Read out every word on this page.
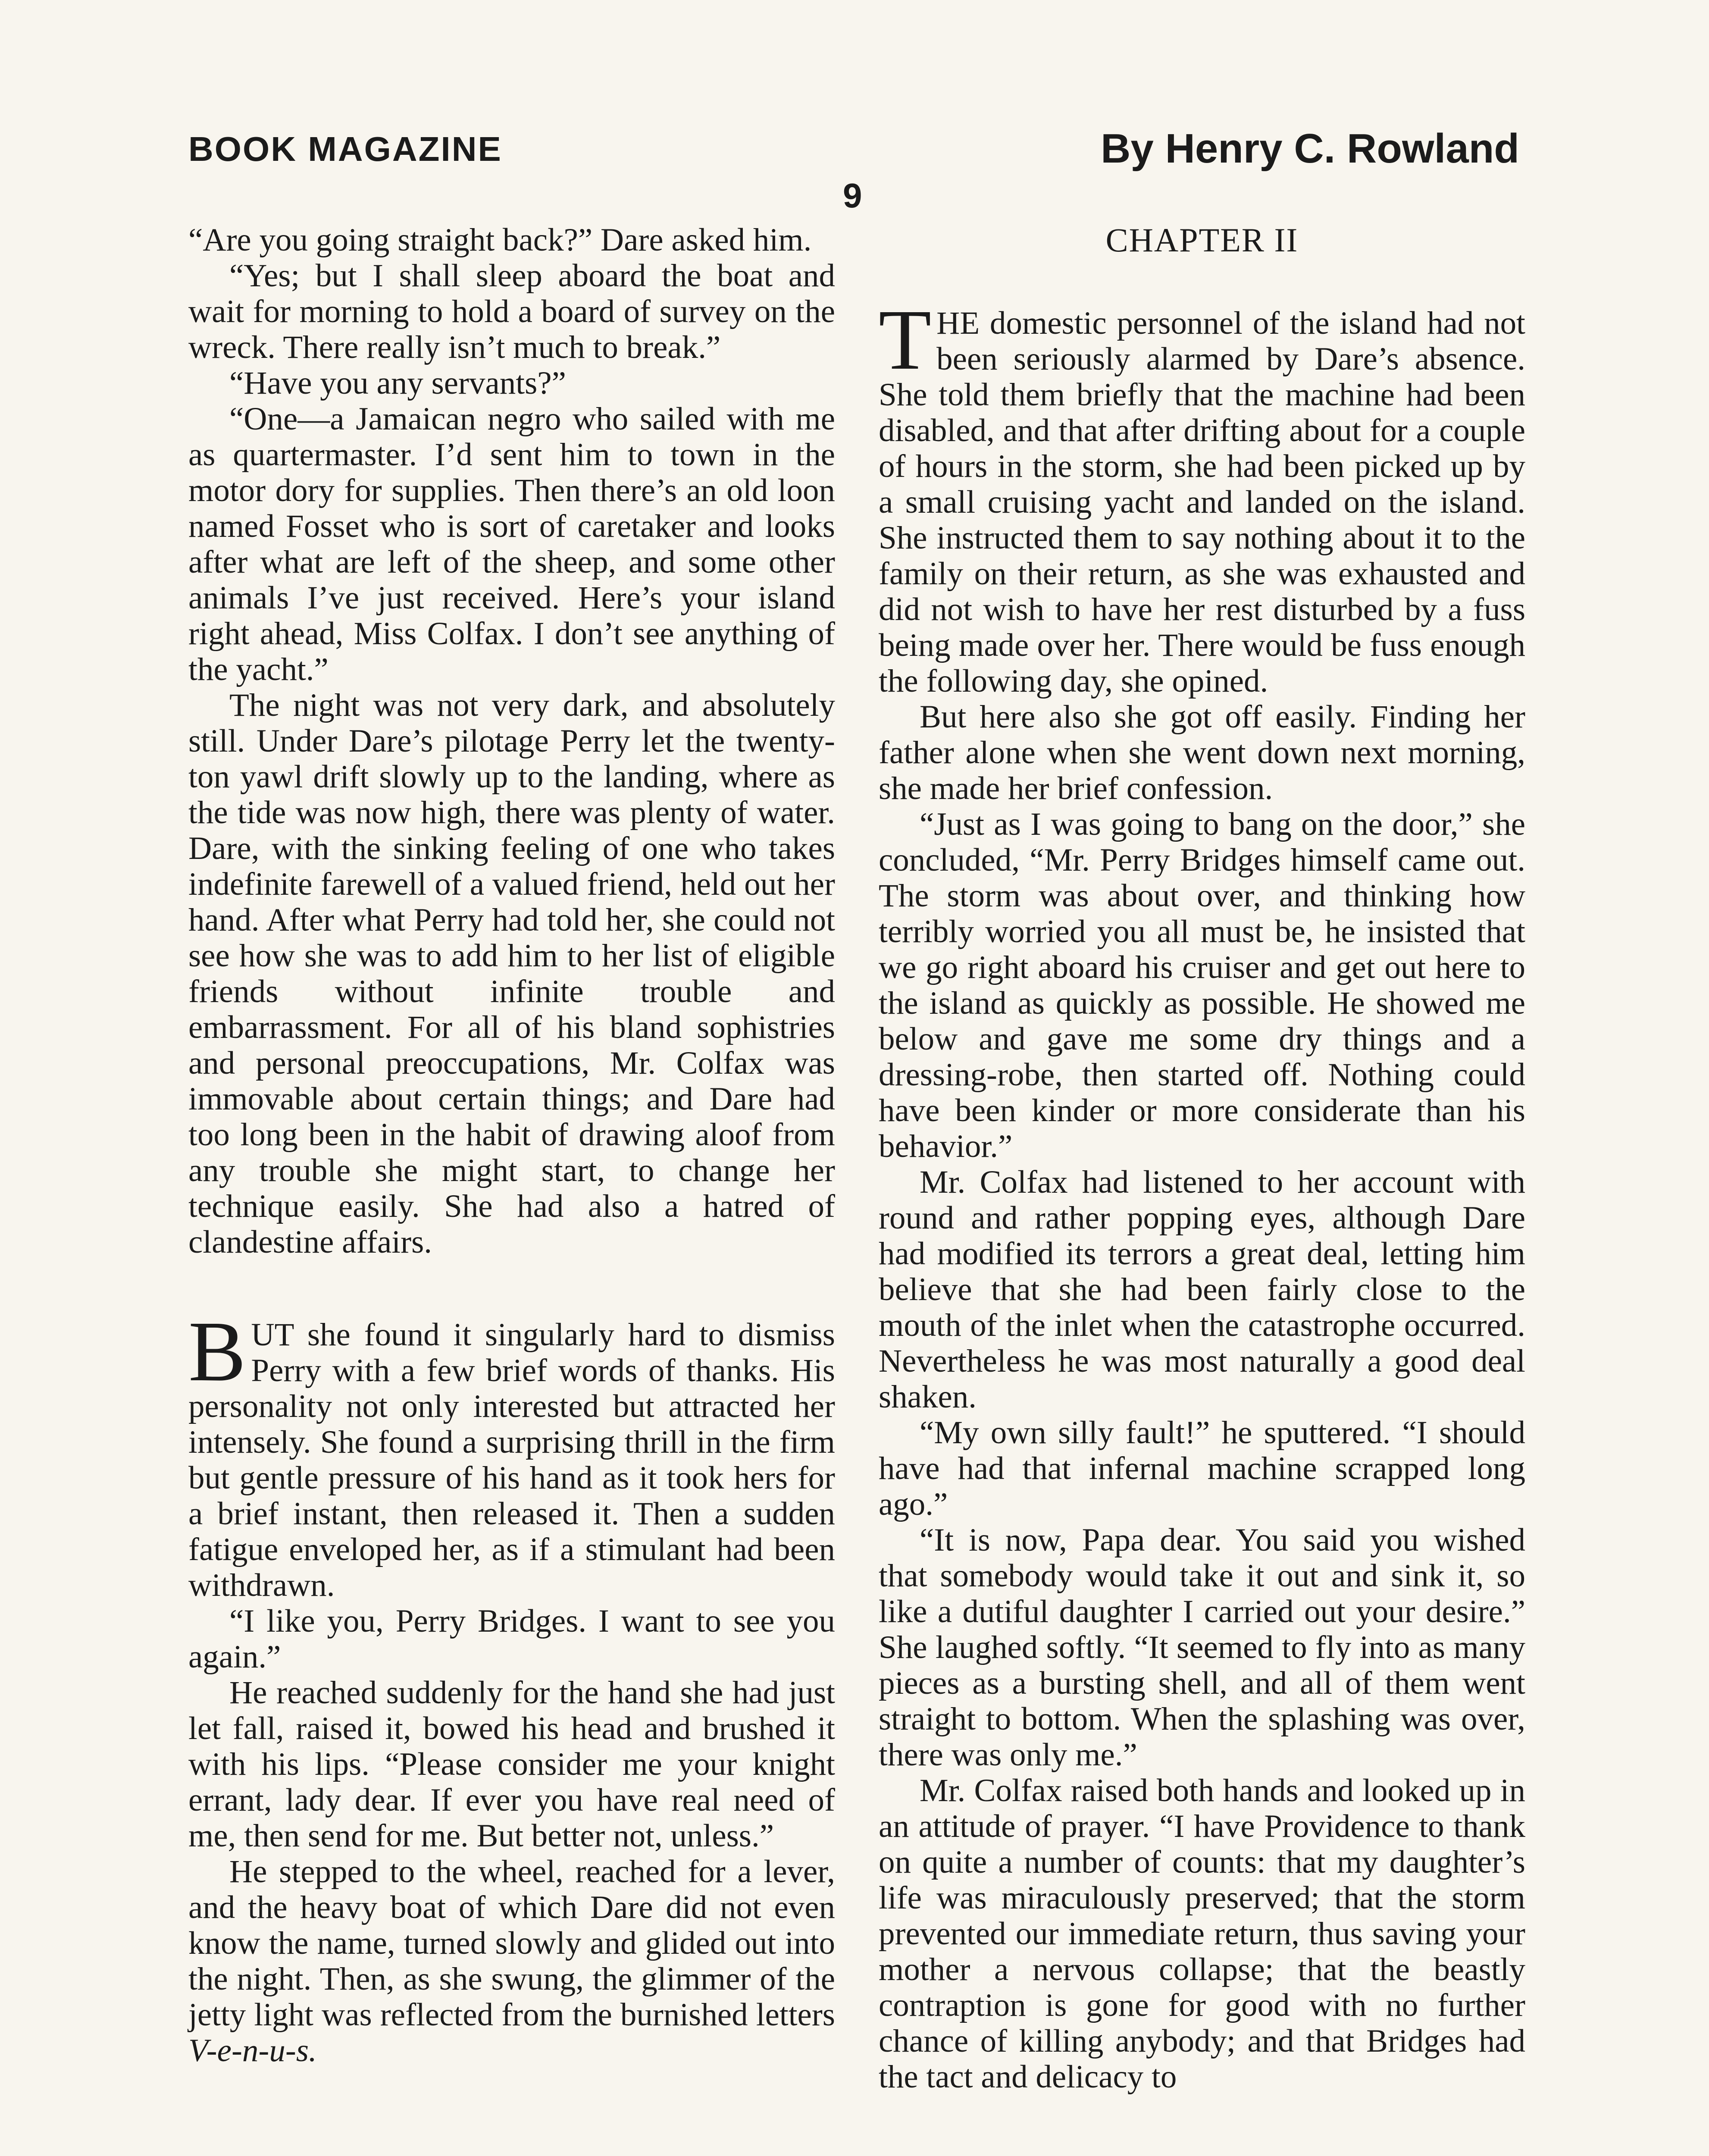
BOOK MAGAZINE	By Henry C. Rowland
9

“Are you going straight back?” Dare asked him.

“Yes; but I shall sleep aboard the boat and wait for morning to hold a board of survey on the wreck. There really isn’t much to break.”

“Have you any servants?”

“One—a Jamaican negro who sailed with me as quartermaster. I’d sent him to town in the motor dory for supplies. Then there’s an old loon named Fosset who is sort of caretaker and looks after what are left of the sheep, and some other animals I’ve just received. Here’s your island right ahead, Miss Colfax. I don’t see anything of the yacht.”

The night was not very dark, and absolutely still. Under Dare’s pilotage Perry let the twenty-ton yawl drift slowly up to the landing, where as the tide was now high, there was plenty of water. Dare, with the sinking feeling of one who takes indefinite farewell of a valued friend, held out her hand. After what Perry had told her, she could not see how she was to add him to her list of eligible friends without infinite trouble and embarrassment. For all of his bland sophistries and personal preoccupations, Mr. Colfax was immovable about certain things; and Dare had too long been in the habit of drawing aloof from any trouble she might start, to change her technique easily. She had also a hatred of clandestine affairs.

BUT she found it singularly hard to dismiss Perry with a few brief words of thanks. His personality not only interested but attracted her intensely. She found a surprising thrill in the firm but gentle pressure of his hand as it took hers for a brief instant, then released it. Then a sudden fatigue enveloped her, as if a stimulant had been withdrawn.

“I like you, Perry Bridges. I want to see you again.”

He reached suddenly for the hand she had just let fall, raised it, bowed his head and brushed it with his lips. “Please consider me your knight errant, lady dear. If ever you have real need of me, then send for me. But better not, unless.”

He stepped to the wheel, reached for a lever, and the heavy boat of which Dare did not even know the name, turned slowly and glided out into the night. Then, as she swung, the glimmer of the jetty light was reflected from the burnished letters V-e-n-u-s.

CHAPTER II

THE domestic personnel of the island had not been seriously alarmed by Dare’s absence. She told them briefly that the machine had been disabled, and that after drifting about for a couple of hours in the storm, she had been picked up by a small cruising yacht and landed on the island. She instructed them to say nothing about it to the family on their return, as she was exhausted and did not wish to have her rest disturbed by a fuss being made over her. There would be fuss enough the following day, she opined.

But here also she got off easily. Finding her father alone when she went down next morning, she made her brief confession.

“Just as I was going to bang on the door,” she concluded, “Mr. Perry Bridges himself came out. The storm was about over, and thinking how terribly worried you all must be, he insisted that we go right aboard his cruiser and get out here to the island as quickly as possible. He showed me below and gave me some dry things and a dressing-robe, then started off. Nothing could have been kinder or more considerate than his behavior.”

Mr. Colfax had listened to her account with round and rather popping eyes, although Dare had modified its terrors a great deal, letting him believe that she had been fairly close to the mouth of the inlet when the catastrophe occurred. Nevertheless he was most naturally a good deal shaken.

“My own silly fault!” he sputtered. “I should have had that infernal machine scrapped long ago.”

“It is now, Papa dear. You said you wished that somebody would take it out and sink it, so like a dutiful daughter I carried out your desire.” She laughed softly. “It seemed to fly into as many pieces as a bursting shell, and all of them went straight to bottom. When the splashing was over, there was only me.”

Mr. Colfax raised both hands and looked up in an attitude of prayer. “I have Providence to thank on quite a number of counts: that my daughter’s life was miraculously preserved; that the storm prevented our immediate return, thus saving your mother a nervous collapse; that the beastly contraption is gone for good with no further chance of killing anybody; and that Bridges had the tact and delicacy to
